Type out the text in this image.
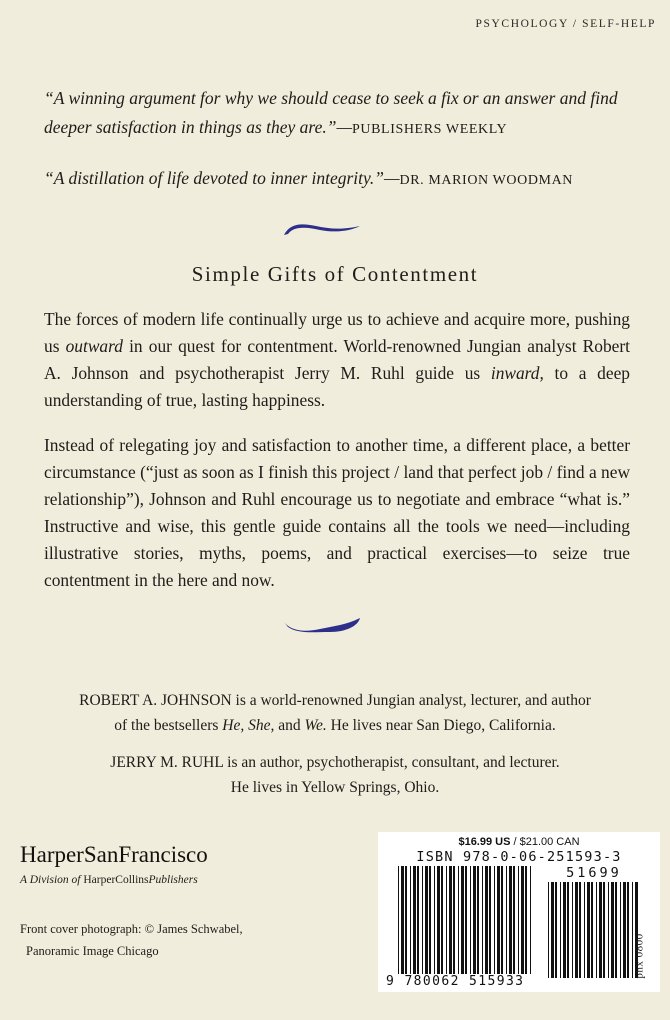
PSYCHOLOGY / SELF-HELP
“A winning argument for why we should cease to seek a fix or an answer and find deeper satisfaction in things as they are.”—PUBLISHERS WEEKLY
“A distillation of life devoted to inner integrity.”—DR. MARION WOODMAN
Simple Gifts of Contentment
The forces of modern life continually urge us to achieve and acquire more, pushing us outward in our quest for contentment. World-renowned Jungian analyst Robert A. Johnson and psychotherapist Jerry M. Ruhl guide us inward, to a deep understanding of true, lasting happiness.
Instead of relegating joy and satisfaction to another time, a different place, a better circumstance (“just as soon as I finish this project / land that perfect job / find a new relationship”), Johnson and Ruhl encourage us to negotiate and embrace “what is.” Instructive and wise, this gentle guide contains all the tools we need—including illustrative stories, myths, poems, and practical exercises—to seize true contentment in the here and now.
ROBERT A. JOHNSON is a world-renowned Jungian analyst, lecturer, and author
of the bestsellers He, She, and We. He lives near San Diego, California.
JERRY M. RUHL is an author, psychotherapist, consultant, and lecturer.
He lives in Yellow Springs, Ohio.
HarperSanFrancisco
A Division of HarperCollinsPublishers
Front cover photograph: © James Schwabel,
Panoramic Image Chicago
$16.99 US / $21.00 CAN
ISBN 978-0-06-251593-3
51699
9 780062 515933
phx 0800
